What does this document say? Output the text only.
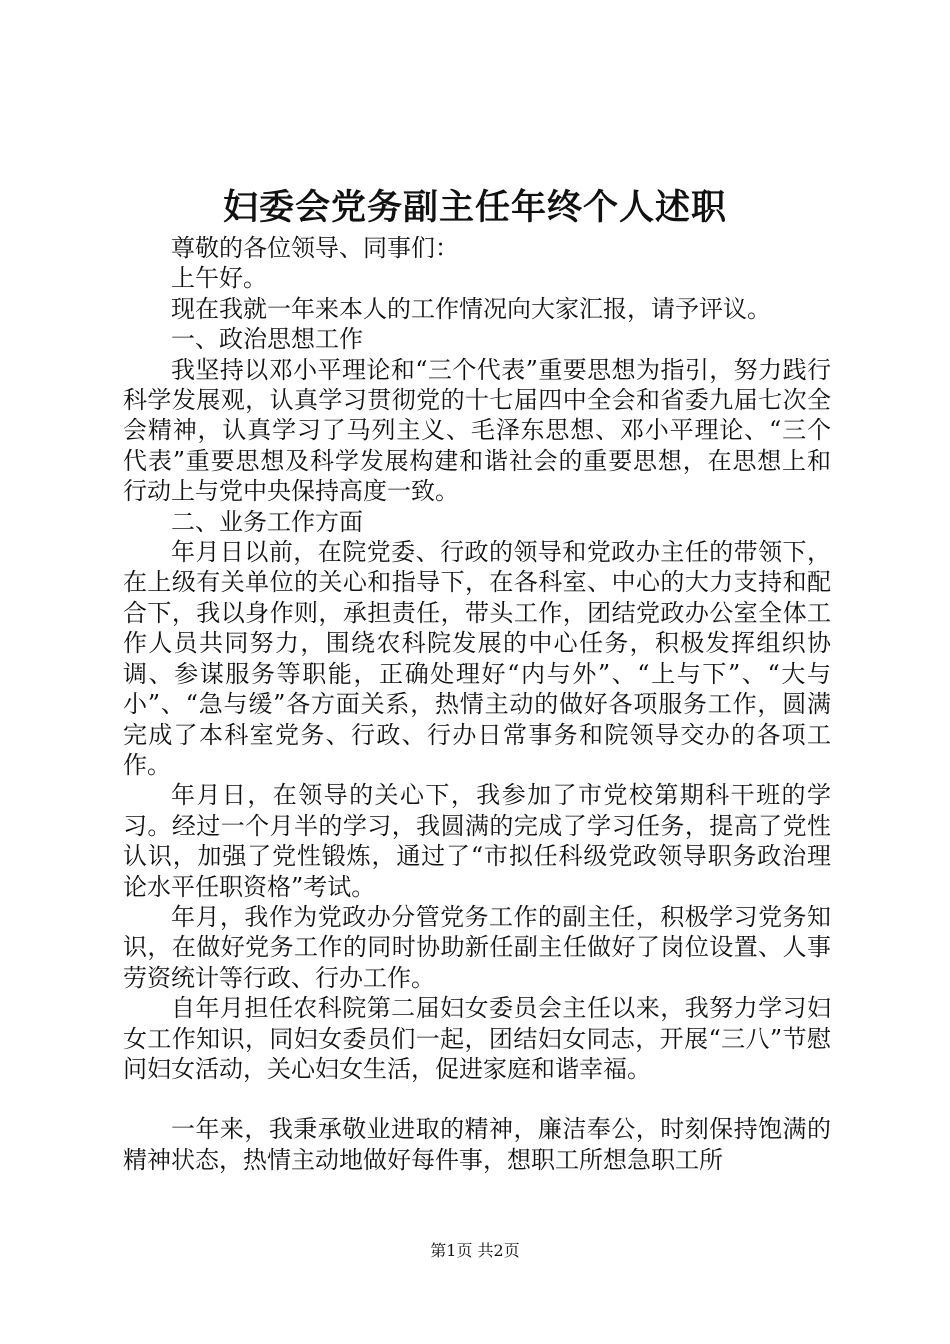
妇委会党务副主任年终个人述职

尊敬的各位领导、同事们：

上午好。

现在我就一年来本人的工作情况向大家汇报，请予评议。

一、政治思想工作

我坚持以邓小平理论和“三个代表”重要思想为指引，努力践行科学发展观，认真学习贯彻党的十七届四中全会和省委九届七次全会精神，认真学习了马列主义、毛泽东思想、邓小平理论、“三个代表”重要思想及科学发展构建和谐社会的重要思想，在思想上和行动上与党中央保持高度一致。

二、业务工作方面

年月日以前，在院党委、行政的领导和党政办主任的带领下，在上级有关单位的关心和指导下，在各科室、中心的大力支持和配合下，我以身作则，承担责任，带头工作，团结党政办公室全体工作人员共同努力，围绕农科院发展的中心任务，积极发挥组织协调、参谋服务等职能，正确处理好“内与外”、“上与下”、“大与小”、“急与缓”各方面关系，热情主动的做好各项服务工作，圆满完成了本科室党务、行政、行办日常事务和院领导交办的各项工作。

年月日，在领导的关心下，我参加了市党校第期科干班的学习。经过一个月半的学习，我圆满的完成了学习任务，提高了党性认识，加强了党性锻炼，通过了“市拟任科级党政领导职务政治理论水平任职资格”考试。

年月，我作为党政办分管党务工作的副主任，积极学习党务知识，在做好党务工作的同时协助新任副主任做好了岗位设置、人事劳资统计等行政、行办工作。

自年月担任农科院第二届妇女委员会主任以来，我努力学习妇女工作知识，同妇女委员们一起，团结妇女同志，开展“三八”节慰问妇女活动，关心妇女生活，促进家庭和谐幸福。

一年来，我秉承敬业进取的精神，廉洁奉公，时刻保持饱满的精神状态，热情主动地做好每件事，想职工所想急职工所

第1页 共2页
